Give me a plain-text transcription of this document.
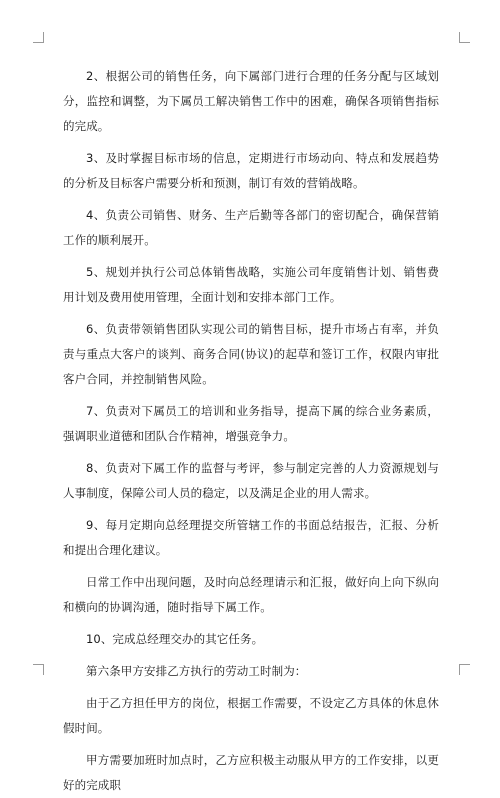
2、根据公司的销售任务，向下属部门进行合理的任务分配与区域划分，监控和调整，为下属员工解决销售工作中的困难，确保各项销售指标的完成。

3、及时掌握目标市场的信息，定期进行市场动向、特点和发展趋势的分析及目标客户需要分析和预测，制订有效的营销战略。

4、负责公司销售、财务、生产后勤等各部门的密切配合，确保营销工作的顺利展开。

5、规划并执行公司总体销售战略，实施公司年度销售计划、销售费用计划及费用使用管理，全面计划和安排本部门工作。

6、负责带领销售团队实现公司的销售目标，提升市场占有率，并负责与重点大客户的谈判、商务合同(协议)的起草和签订工作，权限内审批客户合同，并控制销售风险。

7、负责对下属员工的培训和业务指导，提高下属的综合业务素质，强调职业道德和团队合作精神，增强竞争力。

8、负责对下属工作的监督与考评，参与制定完善的人力资源规划与人事制度，保障公司人员的稳定，以及满足企业的用人需求。

9、每月定期向总经理提交所管辖工作的书面总结报告，汇报、分析和提出合理化建议。

日常工作中出现问题，及时向总经理请示和汇报，做好向上向下纵向和横向的协调沟通，随时指导下属工作。

10、完成总经理交办的其它任务。

第六条甲方安排乙方执行的劳动工时制为：

由于乙方担任甲方的岗位，根据工作需要，不设定乙方具体的休息休假时间。

甲方需要加班时加点时，乙方应积极主动服从甲方的工作安排，以更好的完成职
